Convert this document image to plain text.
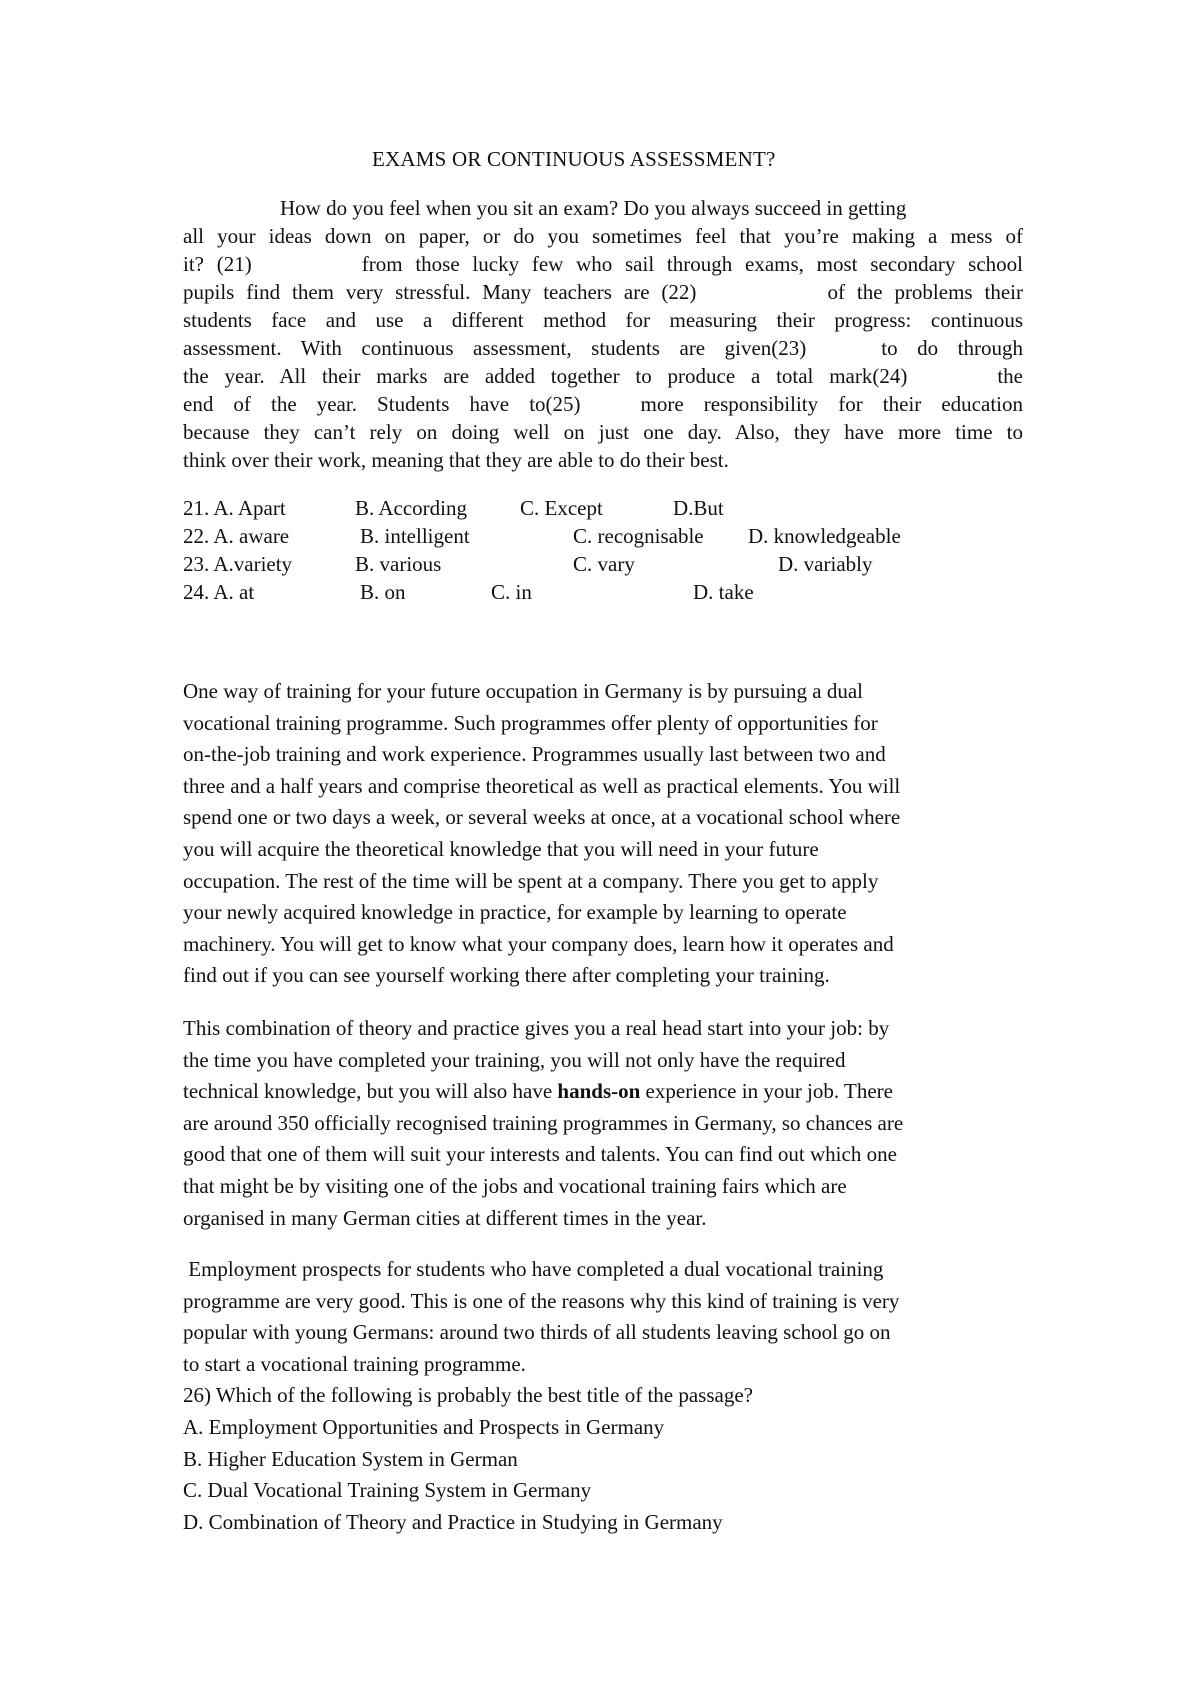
EXAMS OR CONTINUOUS ASSESSMENT?
How do you feel when you sit an exam? Do you always succeed in getting
all your ideas down on paper, or do you sometimes feel that you’re making a mess of
it? (21)	from those lucky few who sail through exams, most secondary school
pupils find them very stressful. Many teachers are (22)           of the problems their
students face and use a different method for measuring their progress: continuous
assessment. With continuous assessment, students are given(23)	to do through
the year. All their marks are added together to produce a total mark(24)	the
end of the year. Students have to(25)	more responsibility for their education
because they can’t rely on doing well on just one day. Also, they have more time to
think over their work, meaning that they are able to do their best.
21. A. Apart	B. According	C. Except	D.But
22. A. aware	B. intelligent	C. recognisable D. knowledgeable
23. A.variety	B. various	C. vary	D. variably
24. A. at	B. on	C. in	D. take
One way of training for your future occupation in Germany is by pursuing a dual
vocational training programme. Such programmes offer plenty of opportunities for
on-the-job training and work experience. Programmes usually last between two and
three and a half years and comprise theoretical as well as practical elements. You will
spend one or two days a week, or several weeks at once, at a vocational school where
you will acquire the theoretical knowledge that you will need in your future
occupation. The rest of the time will be spent at a company. There you get to apply
your newly acquired knowledge in practice, for example by learning to operate
machinery. You will get to know what your company does, learn how it operates and
find out if you can see yourself working there after completing your training.
This combination of theory and practice gives you a real head start into your job: by
the time you have completed your training, you will not only have the required
technical knowledge, but you will also have hands-on experience in your job. There
are around 350 officially recognised training programmes in Germany, so chances are
good that one of them will suit your interests and talents. You can find out which one
that might be by visiting one of the jobs and vocational training fairs which are
organised in many German cities at different times in the year.
Employment prospects for students who have completed a dual vocational training
programme are very good. This is one of the reasons why this kind of training is very
popular with young Germans: around two thirds of all students leaving school go on
to start a vocational training programme.
26) Which of the following is probably the best title of the passage?
A. Employment Opportunities and Prospects in Germany
B. Higher Education System in German
C. Dual Vocational Training System in Germany
D. Combination of Theory and Practice in Studying in Germany
